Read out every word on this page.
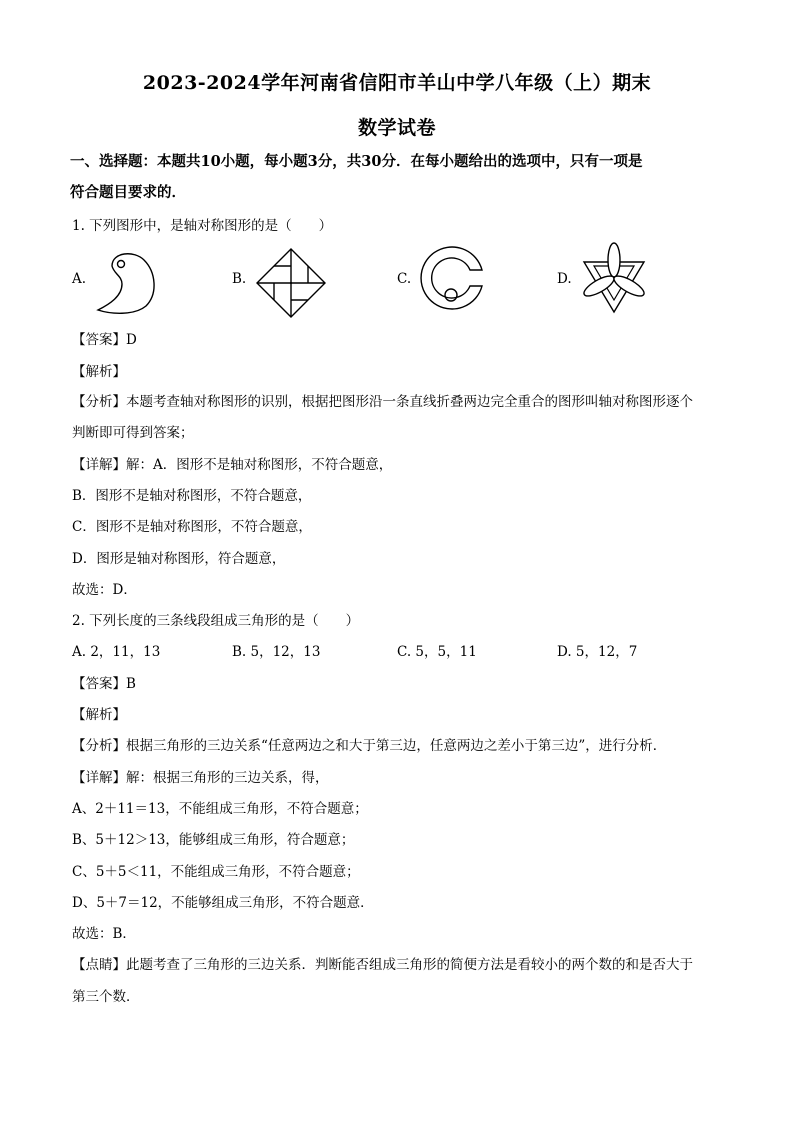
2023-2024学年河南省信阳市羊山中学八年级（上）期末
数学试卷
一、选择题：本题共10小题，每小题3分，共30分．在每小题给出的选项中，只有一项是
符合题目要求的．
1. 下列图形中，是轴对称图形的是（　　）
A.	B.	C.	D.
【答案】D
【解析】
【分析】本题考查轴对称图形的识别，根据把图形沿一条直线折叠两边完全重合的图形叫轴对称图形逐个
判断即可得到答案；
【详解】解：A．图形不是轴对称图形，不符合题意，
B．图形不是轴对称图形，不符合题意，
C．图形不是轴对称图形，不符合题意，
D．图形是轴对称图形，符合题意，
故选：D．
2. 下列长度的三条线段组成三角形的是（　　）
A. 2，11，13	B. 5，12，13	C. 5，5，11	D. 5，12，7
【答案】B
【解析】
【分析】根据三角形的三边关系“任意两边之和大于第三边，任意两边之差小于第三边”，进行分析．
【详解】解：根据三角形的三边关系，得，
A、2＋11＝13，不能组成三角形，不符合题意；
B、5＋12＞13，能够组成三角形，符合题意；
C、5＋5＜11，不能组成三角形，不符合题意；
D、5＋7＝12，不能够组成三角形，不符合题意．
故选：B．
【点睛】此题考查了三角形的三边关系．判断能否组成三角形的简便方法是看较小的两个数的和是否大于
第三个数．
